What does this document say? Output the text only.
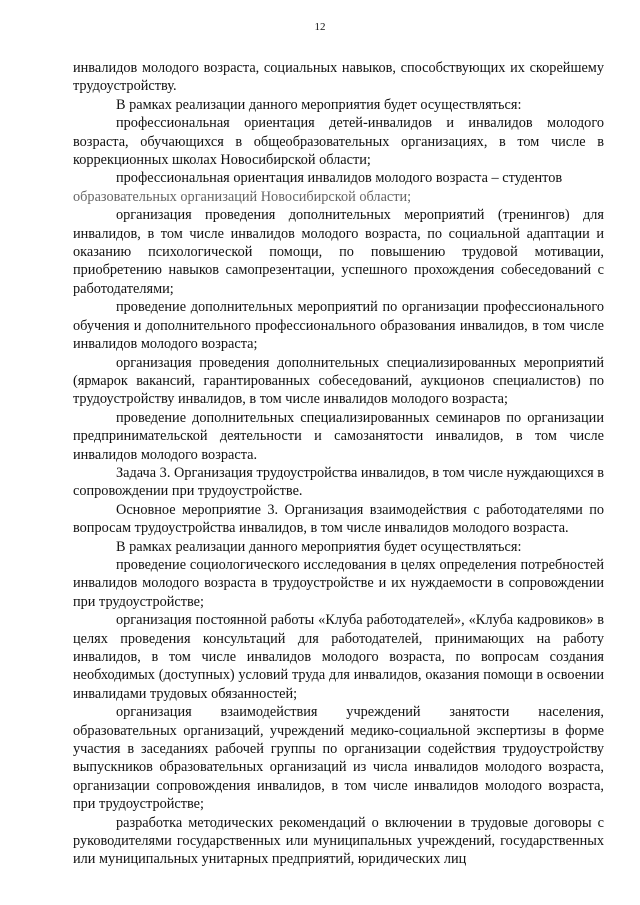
12

инвалидов молодого возраста, социальных навыков, способствующих их скорейшему трудоустройству.

В рамках реализации данного мероприятия будет осуществляться:

профессиональная ориентация детей-инвалидов и инвалидов молодого возраста, обучающихся в общеобразовательных организациях, в том числе в коррекционных школах Новосибирской области;

профессиональная ориентация инвалидов молодого возраста – студентов

образовательных организаций Новосибирской области;

организация проведения дополнительных мероприятий (тренингов) для инвалидов, в том числе инвалидов молодого возраста, по социальной адаптации и оказанию психологической помощи, по повышению трудовой мотивации, приобретению навыков самопрезентации, успешного прохождения собеседований с работодателями;

проведение дополнительных мероприятий по организации профессионального обучения и дополнительного профессионального образования инвалидов, в том числе инвалидов молодого возраста;

организация проведения дополнительных специализированных мероприятий (ярмарок вакансий, гарантированных собеседований, аукционов специалистов) по трудоустройству инвалидов, в том числе инвалидов молодого возраста;

проведение дополнительных специализированных семинаров по организации предпринимательской деятельности и самозанятости инвалидов, в том числе инвалидов молодого возраста.

Задача 3. Организация трудоустройства инвалидов, в том числе нуждающихся в сопровождении при трудоустройстве.

Основное мероприятие 3. Организация взаимодействия с работодателями по вопросам трудоустройства инвалидов, в том числе инвалидов молодого возраста.

В рамках реализации данного мероприятия будет осуществляться:

проведение социологического исследования в целях определения потребностей инвалидов молодого возраста в трудоустройстве и их нуждаемости в сопровождении при трудоустройстве;

организация постоянной работы «Клуба работодателей», «Клуба кадровиков» в целях проведения консультаций для работодателей, принимающих на работу инвалидов, в том числе инвалидов молодого возраста, по вопросам создания необходимых (доступных) условий труда для инвалидов, оказания помощи в освоении инвалидами трудовых обязанностей;

организация взаимодействия учреждений занятости населения, образовательных организаций, учреждений медико-социальной экспертизы в форме участия в заседаниях рабочей группы по организации содействия трудоустройству выпускников образовательных организаций из числа инвалидов молодого возраста, организации сопровождения инвалидов, в том числе инвалидов молодого возраста, при трудоустройстве;

разработка методических рекомендаций о включении в трудовые договоры с руководителями государственных или муниципальных учреждений, государственных или муниципальных унитарных предприятий, юридических лиц
